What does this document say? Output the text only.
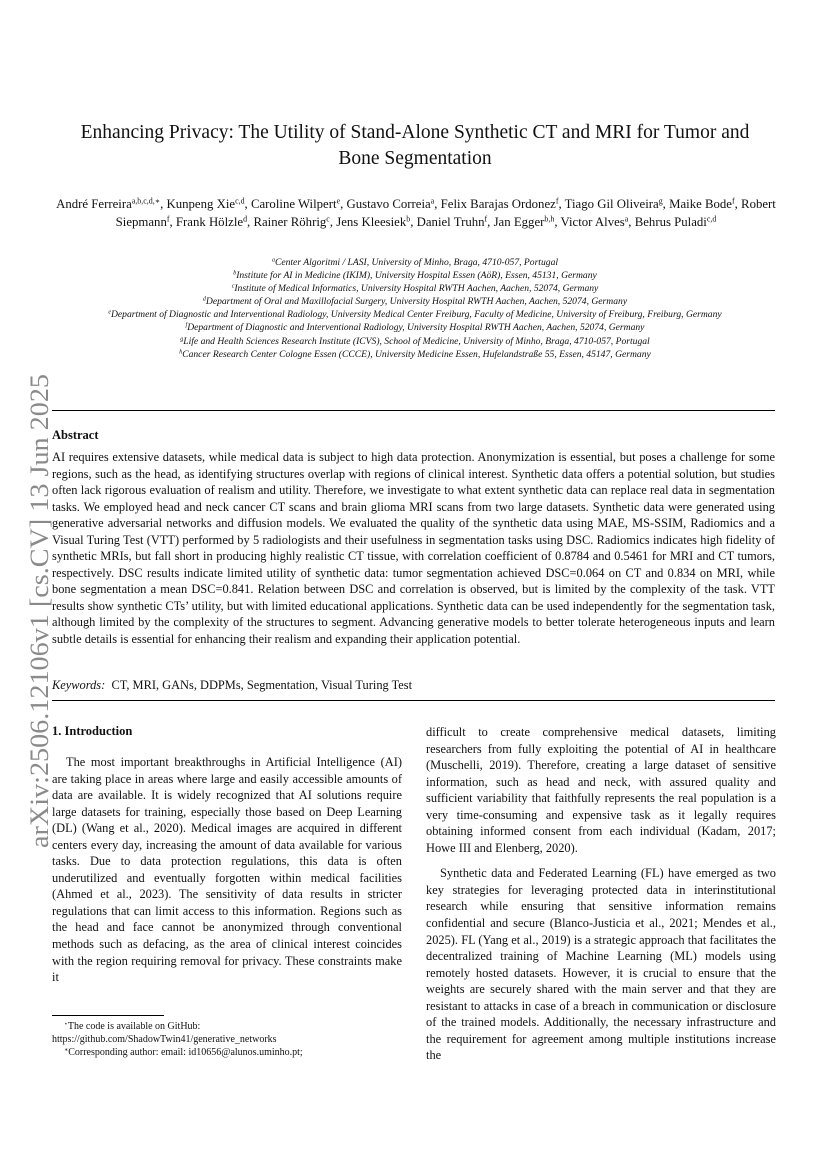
arXiv:2506.12106v1 [cs.CV] 13 Jun 2025
Enhancing Privacy: The Utility of Stand-Alone Synthetic CT and MRI for Tumor and Bone Segmentation
André Ferreira$^{a,b,c,d,∗}$, Kunpeng Xie$^{c,d}$, Caroline Wilpert$^e$, Gustavo Correia$^a$, Felix Barajas Ordonez$^f$, Tiago Gil Oliveira$^g$, Maike Bode$^f$, Robert Siepmann$^f$, Frank Hölzle$^d$, Rainer Röhrig$^c$, Jens Kleesiek$^b$, Daniel Truhn$^f$, Jan Egger$^{b,h}$, Victor Alves$^a$, Behrus Puladi$^{c,d}$
$^a$Center Algoritmi / LASI, University of Minho, Braga, 4710-057, Portugal
$^b$Institute for AI in Medicine (IKIM), University Hospital Essen (AöR), Essen, 45131, Germany
$^c$Institute of Medical Informatics, University Hospital RWTH Aachen, Aachen, 52074, Germany
$^d$Department of Oral and Maxillofacial Surgery, University Hospital RWTH Aachen, Aachen, 52074, Germany
$^e$Department of Diagnostic and Interventional Radiology, University Medical Center Freiburg, Faculty of Medicine, University of Freiburg, Freiburg, Germany
$^f$Department of Diagnostic and Interventional Radiology, University Hospital RWTH Aachen, Aachen, 52074, Germany
$^g$Life and Health Sciences Research Institute (ICVS), School of Medicine, University of Minho, Braga, 4710-057, Portugal
$^h$Cancer Research Center Cologne Essen (CCCE), University Medicine Essen, Hufelandstraße 55, Essen, 45147, Germany
Abstract
AI requires extensive datasets, while medical data is subject to high data protection. Anonymization is essential, but poses a challenge for some regions, such as the head, as identifying structures overlap with regions of clinical interest. Synthetic data offers a potential solution, but studies often lack rigorous evaluation of realism and utility. Therefore, we investigate to what extent synthetic data can replace real data in segmentation tasks. We employed head and neck cancer CT scans and brain glioma MRI scans from two large datasets. Synthetic data were generated using generative adversarial networks and diffusion models. We evaluated the quality of the synthetic data using MAE, MS-SSIM, Radiomics and a Visual Turing Test (VTT) performed by 5 radiologists and their usefulness in segmentation tasks using DSC. Radiomics indicates high fidelity of synthetic MRIs, but fall short in producing highly realistic CT tissue, with correlation coefficient of 0.8784 and 0.5461 for MRI and CT tumors, respectively. DSC results indicate limited utility of synthetic data: tumor segmentation achieved DSC=0.064 on CT and 0.834 on MRI, while bone segmentation a mean DSC=0.841. Relation between DSC and correlation is observed, but is limited by the complexity of the task. VTT results show synthetic CTs’ utility, but with limited educational applications. Synthetic data can be used independently for the segmentation task, although limited by the complexity of the structures to segment. Advancing generative models to better tolerate heterogeneous inputs and learn subtle details is essential for enhancing their realism and expanding their application potential.
Keywords: CT, MRI, GANs, DDPMs, Segmentation, Visual Turing Test
1. Introduction

The most important breakthroughs in Artificial Intelligence (AI) are taking place in areas where large and easily accessible amounts of data are available. It is widely recognized that AI solutions require large datasets for training, especially those based on Deep Learning (DL) (Wang et al., 2020). Medical images are acquired in different centers every day, increasing the amount of data available for various tasks. Due to data protection regulations, this data is often underutilized and eventually forgotten within medical facilities (Ahmed et al., 2023). The sensitivity of data results in stricter regulations that can limit access to this information. Regions such as the head and face cannot be anonymized through conventional methods such as defacing, as the area of clinical interest coincides with the region requiring removal for privacy. These constraints make it

difficult to create comprehensive medical datasets, limiting researchers from fully exploiting the potential of AI in healthcare (Muschelli, 2019). Therefore, creating a large dataset of sensitive information, such as head and neck, with assured quality and sufficient variability that faithfully represents the real population is a very time-consuming and expensive task as it legally requires obtaining informed consent from each individual (Kadam, 2017; Howe III and Elenberg, 2020).

Synthetic data and Federated Learning (FL) have emerged as two key strategies for leveraging protected data in interinstitutional research while ensuring that sensitive information remains confidential and secure (Blanco-Justicia et al., 2021; Mendes et al., 2025). FL (Yang et al., 2019) is a strategic approach that facilitates the decentralized training of Machine Learning (ML) models using remotely hosted datasets. However, it is crucial to ensure that the weights are securely shared with the main server and that they are resistant to attacks in case of a breach in communication or disclosure of the trained models. Additionally, the necessary infrastructure and the requirement for agreement among multiple institutions increase the

⋆The code is available on GitHub:
https://github.com/ShadowTwin41/generative_networks
∗Corresponding author: email: id10656@alunos.uminho.pt;
